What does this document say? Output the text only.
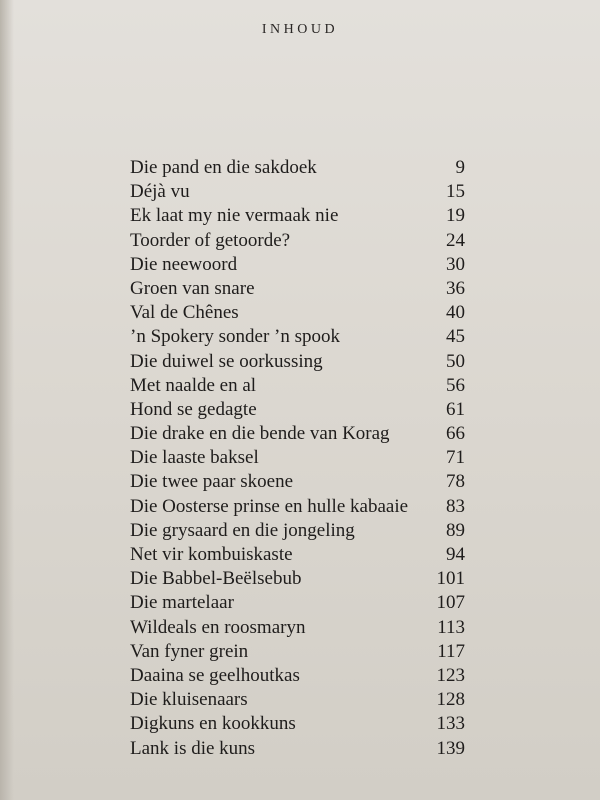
INHOUD
Die pand en die sakdoek	9
Déjà vu	15
Ek laat my nie vermaak nie	19
Toorder of getoorde?	24
Die neewoord	30
Groen van snare	36
Val de Chênes	40
’n Spokery sonder ’n spook	45
Die duiwel se oorkussing	50
Met naalde en al	56
Hond se gedagte	61
Die drake en die bende van Korag	66
Die laaste baksel	71
Die twee paar skoene	78
Die Oosterse prinse en hulle kabaaie 83
Die grysaard en die jongeling	89
Net vir kombuiskaste	94
Die Babbel-Beëlsebub	101
Die martelaar	107
Wildeals en roosmaryn	113
Van fyner grein	117
Daaina se geelhoutkas	123
Die kluisenaars	128
Digkuns en kookkuns	133
Lank is die kuns	139
